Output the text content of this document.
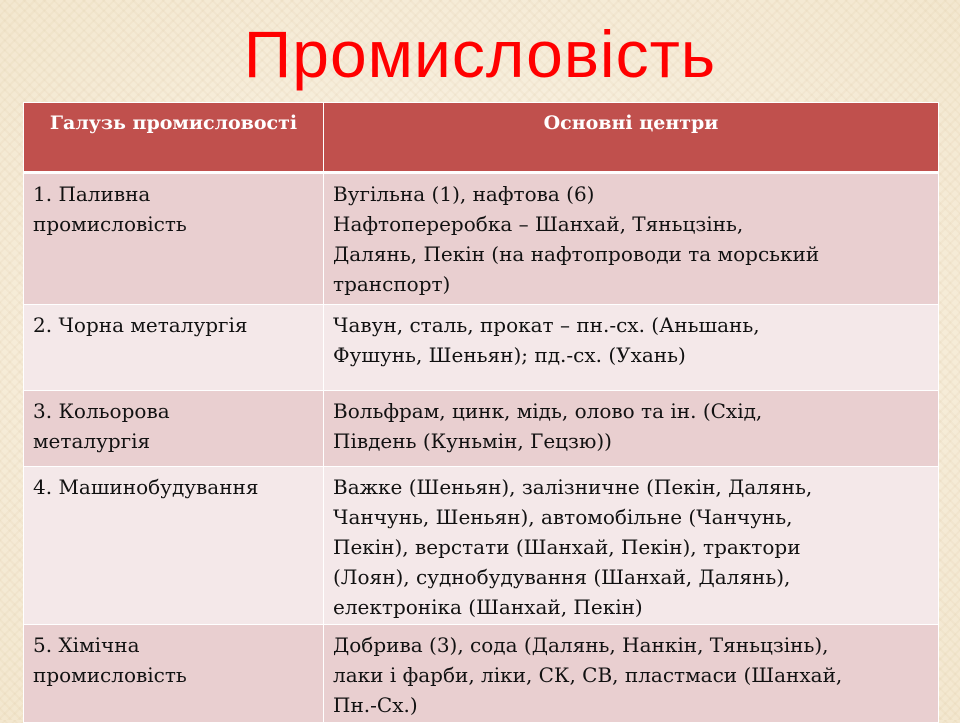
Промисловість
Галузь промисловості	Основні центри

1. Паливна
промисловість	Вугільна (1), нафтова (6)
Нафтопереробка – Шанхай, Тяньцзінь,
Далянь, Пекін (на нафтопроводи та морський
транспорт)

2. Чорна металургія	Чавун, сталь, прокат – пн.-сх. (Аньшань,
Фушунь, Шеньян); пд.-сх. (Ухань)

3. Кольорова
металургія	Вольфрам, цинк, мідь, олово та ін. (Схід,
Південь (Куньмін, Гецзю))

4. Машинобудування	Важке (Шеньян), залізничне (Пекін, Далянь,
Чанчунь, Шеньян), автомобільне (Чанчунь,
Пекін), верстати (Шанхай, Пекін), трактори
(Лоян), суднобудування (Шанхай, Далянь),
електроніка (Шанхай, Пекін)

5. Хімічна
промисловість	Добрива (3), сода (Далянь, Нанкін, Тяньцзінь),
лаки і фарби, ліки, СК, СВ, пластмаси (Шанхай,
Пн.-Сх.)
